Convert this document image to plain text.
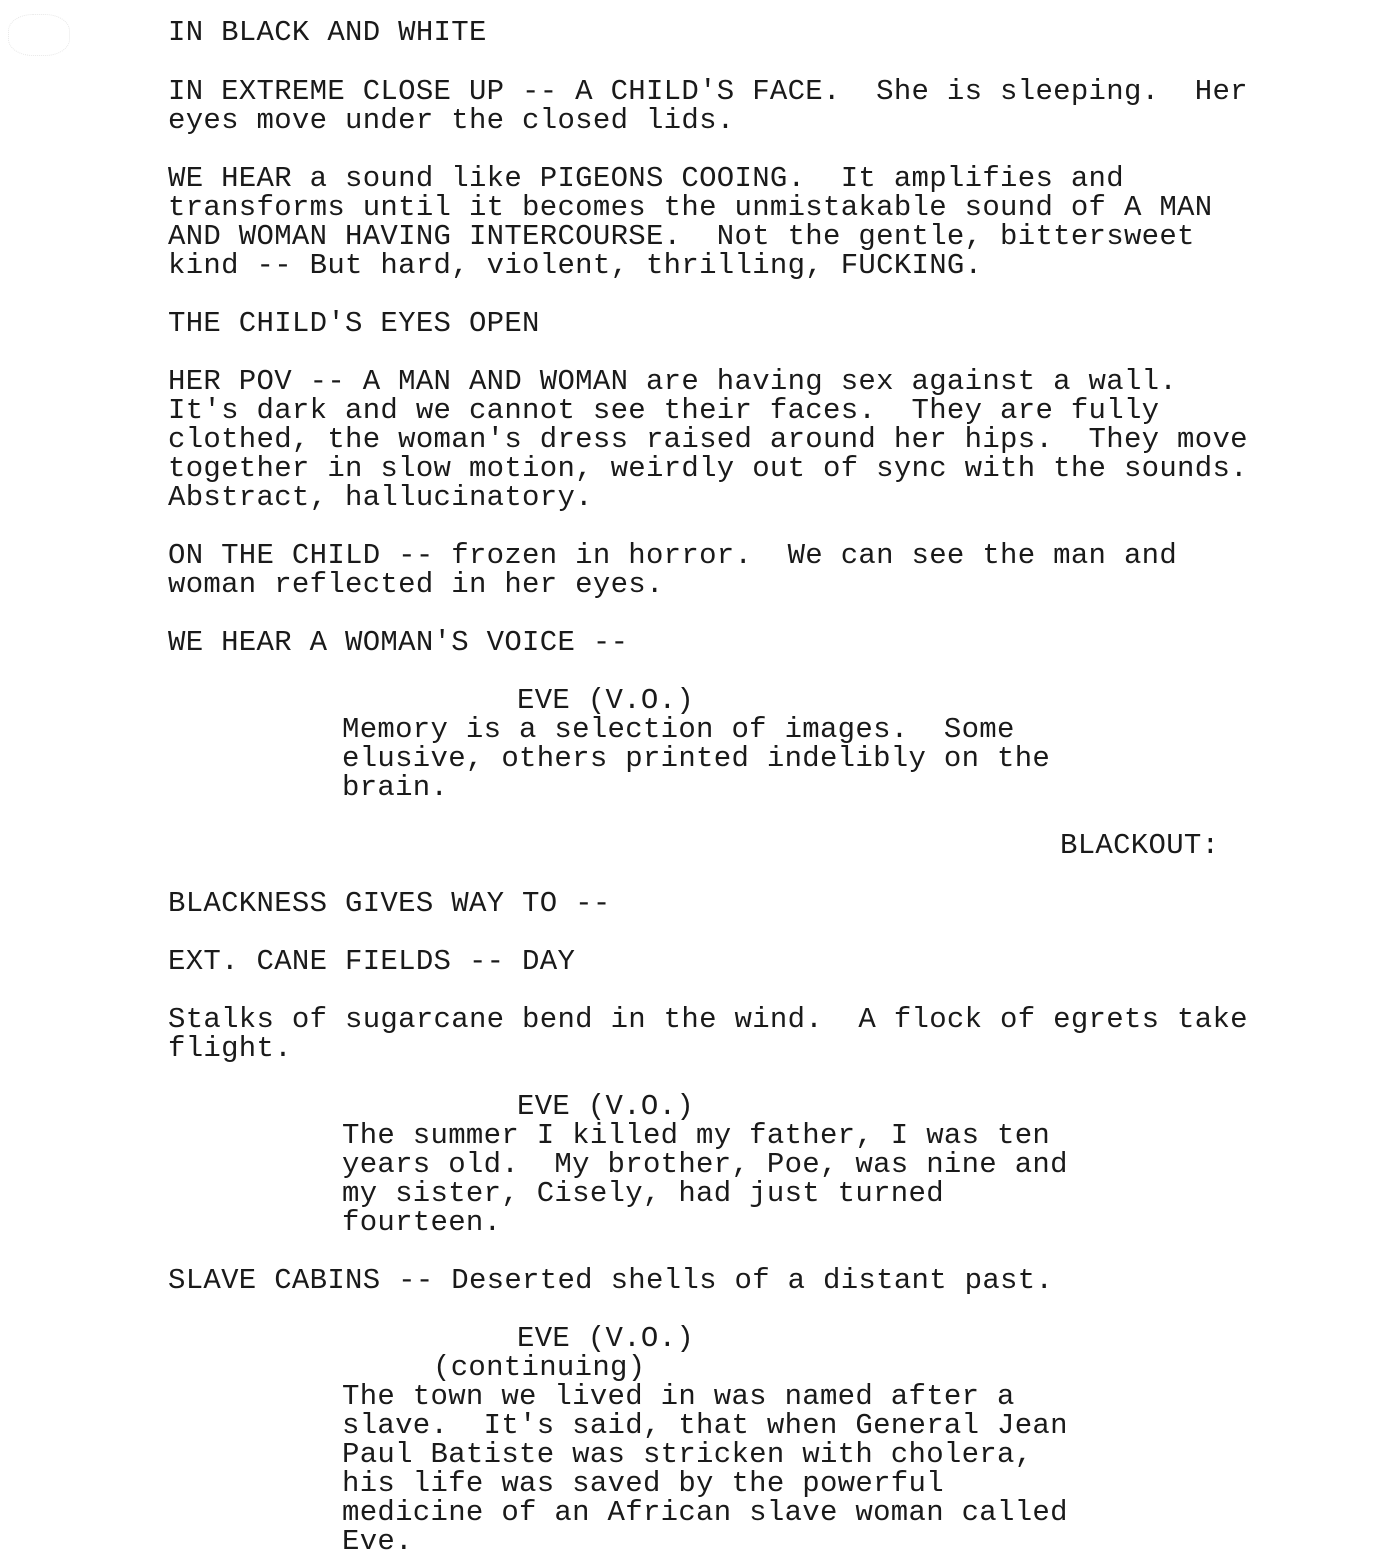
IN BLACK AND WHITE

IN EXTREME CLOSE UP -- A CHILD'S FACE.  She is sleeping.  Her

eyes move under the closed lids.

WE HEAR a sound like PIGEONS COOING.  It amplifies and

transforms until it becomes the unmistakable sound of A MAN

AND WOMAN HAVING INTERCOURSE.  Not the gentle, bittersweet

kind -- But hard, violent, thrilling, FUCKING.

THE CHILD'S EYES OPEN

HER POV -- A MAN AND WOMAN are having sex against a wall.

It's dark and we cannot see their faces.  They are fully

clothed, the woman's dress raised around her hips.  They move

together in slow motion, weirdly out of sync with the sounds.

Abstract, hallucinatory.

ON THE CHILD -- frozen in horror.  We can see the man and

woman reflected in her eyes.

WE HEAR A WOMAN'S VOICE --

EVE (V.O.)

Memory is a selection of images.  Some

elusive, others printed indelibly on the

brain.

BLACKOUT:

BLACKNESS GIVES WAY TO --

EXT. CANE FIELDS -- DAY

Stalks of sugarcane bend in the wind.  A flock of egrets take

flight.

EVE (V.O.)

The summer I killed my father, I was ten

years old.  My brother, Poe, was nine and

my sister, Cisely, had just turned

fourteen.

SLAVE CABINS -- Deserted shells of a distant past.

EVE (V.O.)

(continuing)

The town we lived in was named after a

slave.  It's said, that when General Jean

Paul Batiste was stricken with cholera,

his life was saved by the powerful

medicine of an African slave woman called

Eve.
